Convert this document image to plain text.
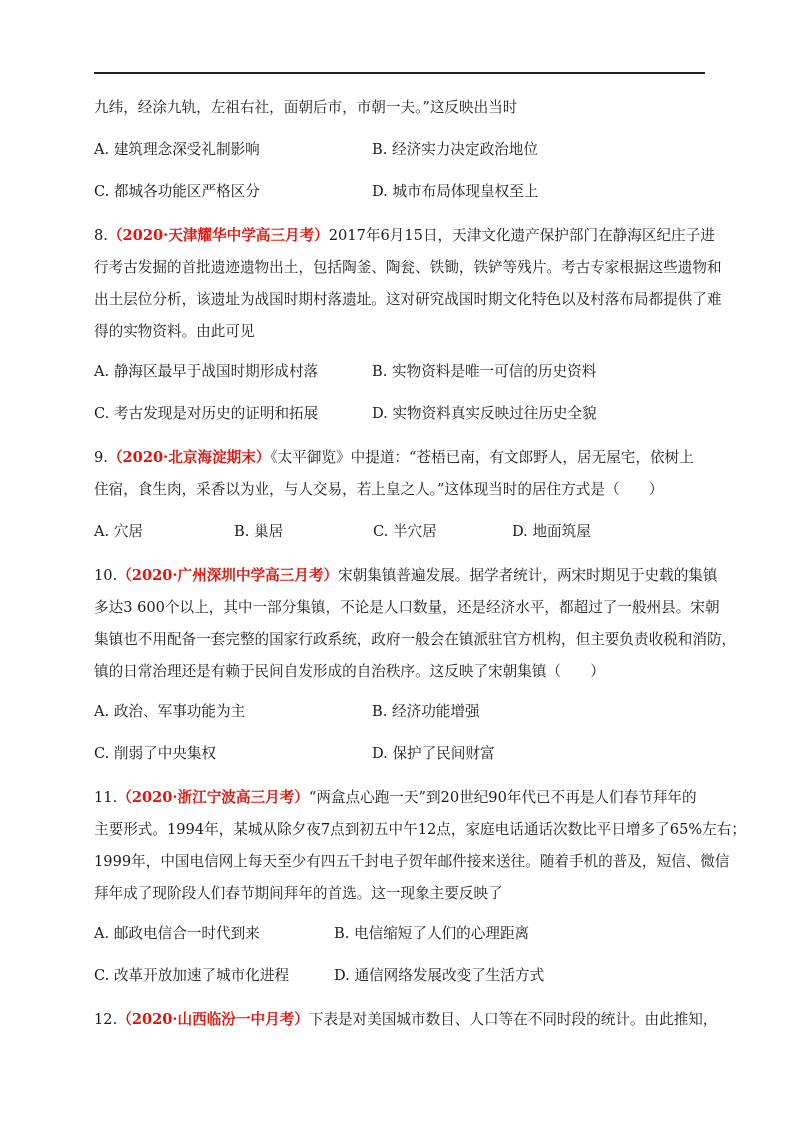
九纬，经涂九轨，左祖右社，面朝后市，市朝一夫。”这反映出当时
A. 建筑理念深受礼制影响	B. 经济实力决定政治地位
C. 都城各功能区严格区分	D. 城市布局体现皇权至上
8.（2020·天津耀华中学高三月考）2017年6月15日，天津文化遗产保护部门在静海区纪庄子进
行考古发掘的首批遗迹遗物出土，包括陶釜、陶瓮、铁锄，铁铲等残片。考古专家根据这些遗物和
出土层位分析，该遗址为战国时期村落遗址。这对研究战国时期文化特色以及村落布局都提供了难
得的实物资料。由此可见
A. 静海区最早于战国时期形成村落	B. 实物资料是唯一可信的历史资料
C. 考古发现是对历史的证明和拓展	D. 实物资料真实反映过往历史全貌
9.（2020·北京海淀期末）《太平御览》中提道：“苍梧已南，有文郎野人，居无屋宅，依树上
住宿，食生肉，采香以为业，与人交易，若上皇之人。”这体现当时的居住方式是（　　）
A. 穴居	B. 巢居	C. 半穴居	D. 地面筑屋
10.（2020·广州深圳中学高三月考）宋朝集镇普遍发展。据学者统计，两宋时期见于史载的集镇
多达3 600个以上，其中一部分集镇，不论是人口数量，还是经济水平，都超过了一般州县。宋朝
集镇也不用配备一套完整的国家行政系统，政府一般会在镇派驻官方机构，但主要负责收税和消防，
镇的日常治理还是有赖于民间自发形成的自治秩序。这反映了宋朝集镇（　　）
A. 政治、军事功能为主	B. 经济功能增强
C. 削弱了中央集权	D. 保护了民间财富
11.（2020·浙江宁波高三月考）“两盒点心跑一天”到20世纪90年代已不再是人们春节拜年的
主要形式。1994年，某城从除夕夜7点到初五中午12点，家庭电话通话次数比平日增多了65%左右；
1999年，中国电信网上每天至少有四五千封电子贺年邮件接来送往。随着手机的普及，短信、微信
拜年成了现阶段人们春节期间拜年的首选。这一现象主要反映了
A. 邮政电信合一时代到来	B. 电信缩短了人们的心理距离
C. 改革开放加速了城市化进程	D. 通信网络发展改变了生活方式
12.（2020·山西临汾一中月考）下表是对美国城市数目、人口等在不同时段的统计。由此推知，
